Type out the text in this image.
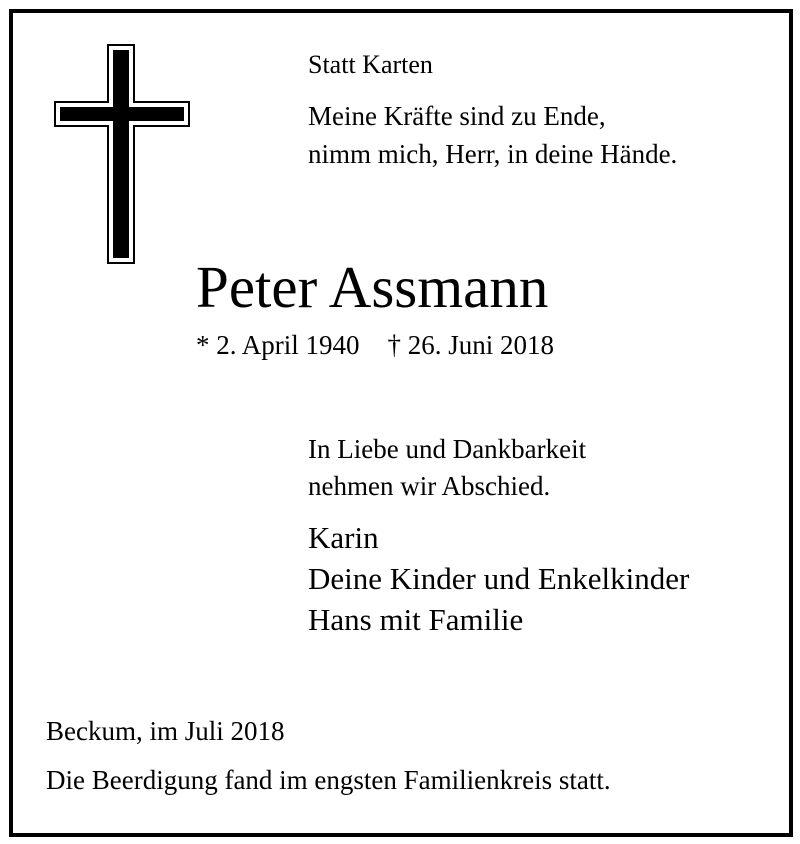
Statt Karten
Meine Kräfte sind zu Ende,
nimm mich, Herr, in deine Hände.
Peter Assmann
* 2. April 1940 † 26. Juni 2018
In Liebe und Dankbarkeit
nehmen wir Abschied.
Karin
Deine Kinder und Enkelkinder
Hans mit Familie
Beckum, im Juli 2018
Die Beerdigung fand im engsten Familienkreis statt.
